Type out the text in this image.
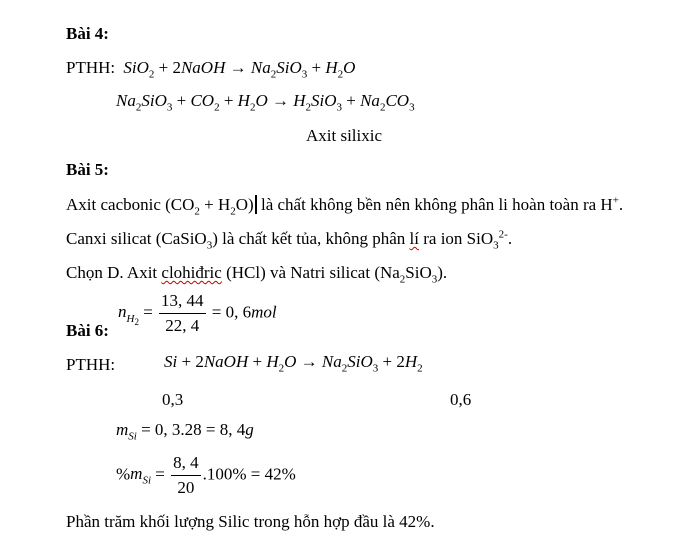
Bài 4:
PTHH: SiO$_2$ + 2NaOH → $Na_2SiO_3 + H_2O$
$Na_2SiO_3 + CO_2 + H_2O \to H_2SiO_3 + Na_2CO_3$
Axit silixic
Bài 5:
Axit cacbonic $(CO_2 + H_2O)$ là chất không bền nên không phân li hoàn toàn ra H+.
Canxi silicat (CaSiO$_3$) là chất kết tủa, không phân lí ra ion SiO$_3^{2-}$.
Chọn D. Axit clohiđric (HCl) và Natri silicat $(Na_2SiO_3)$.
$n_{H_2} = \frac{13, 44}{22, 4} = 0$, 6mol
Bài 6:
PTHH:	Si + 2NaOH + $H_2O \to Na_2SiO_3 + 2H_2$
0,3	0,6
$m_{Si} = 0$, 3.28 = 8, 4g
$\%m_{Si} = \frac{8, 4}{20} .100\% = 42\%$
Phần trăm khối lượng Silic trong hỗn hợp đầu là 42%.
